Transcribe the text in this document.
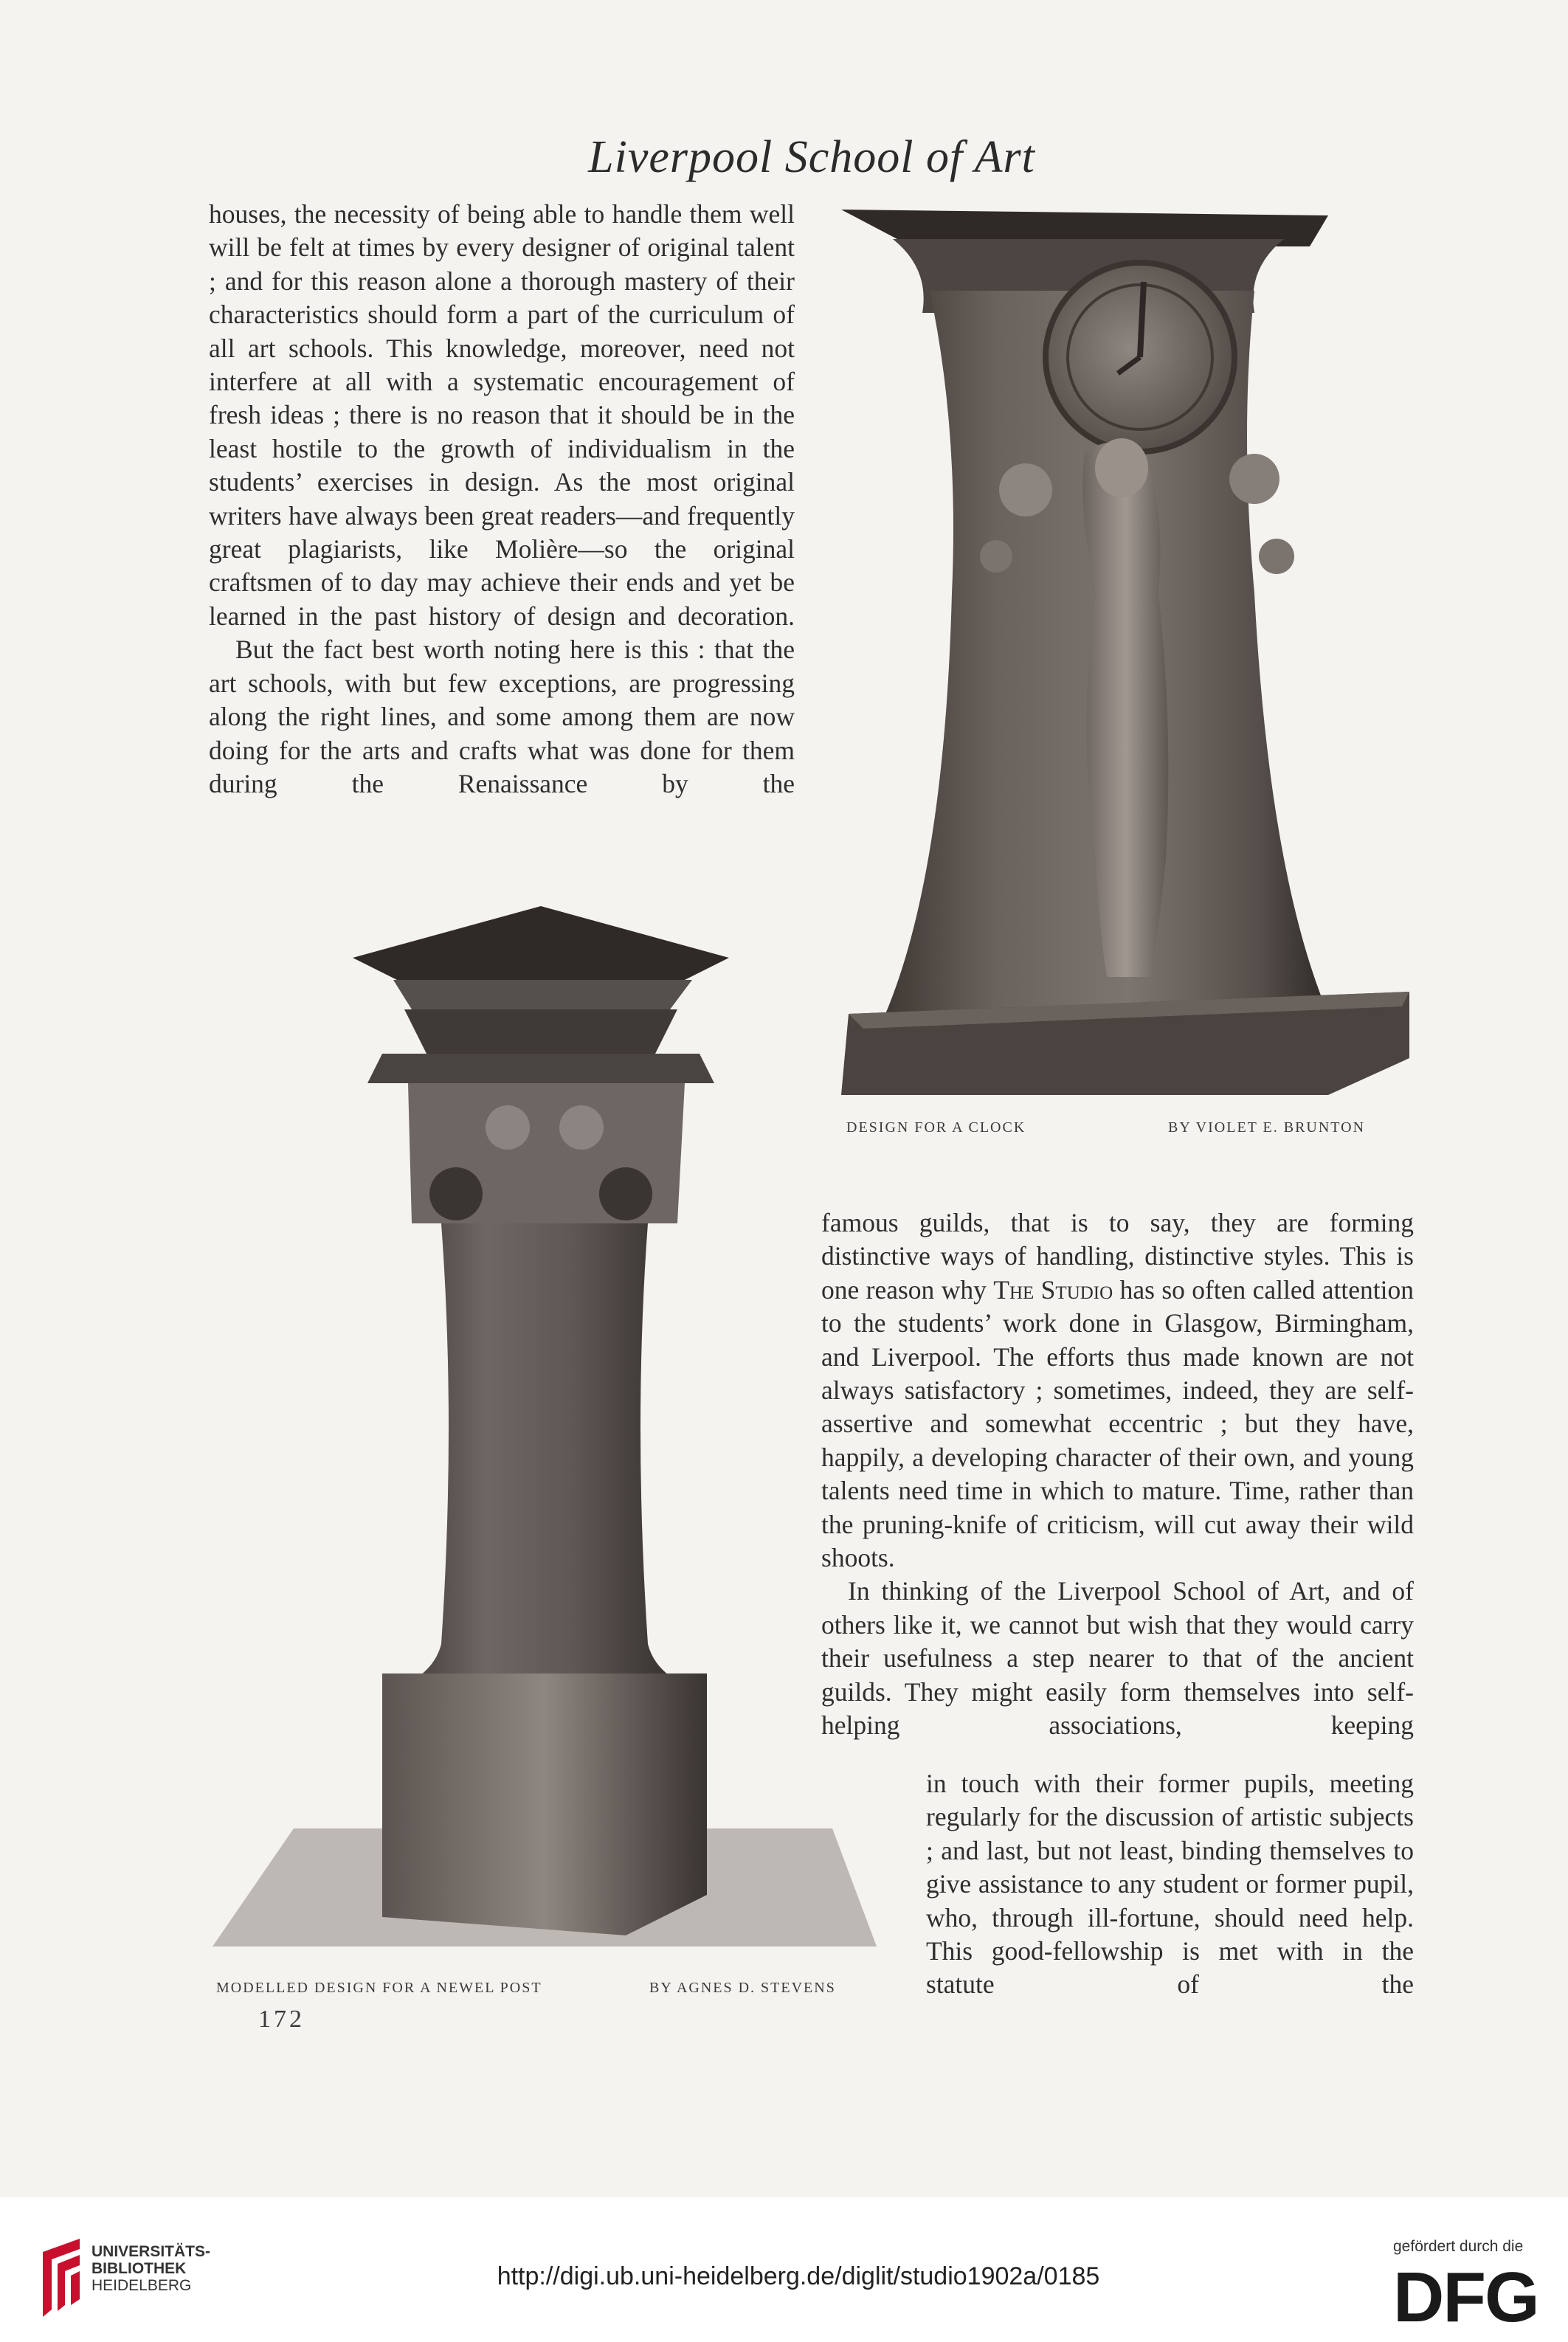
Liverpool School of Art

houses, the necessity of being able to handle them well will be felt at times by every designer of original talent ; and for this reason alone a thorough mastery of their characteristics should form a part of the curriculum of all art schools. This knowledge, moreover, need not interfere at all with a systematic encouragement of fresh ideas ; there is no reason that it should be in the least hostile to the growth of individualism in the students’ exercises in design. As the most original writers have always been great readers—and frequently great plagiarists, like Molière—so the original craftsmen of to day may achieve their ends and yet be learned in the past history of design and decoration.

But the fact best worth noting here is this : that the art schools, with but few exceptions, are progressing along the right lines, and some among them are now doing for the arts and crafts what was done for them during the Renaissance by the

DESIGN FOR A CLOCK	BY VIOLET E. BRUNTON

famous guilds, that is to say, they are forming distinctive ways of handling, distinctive styles. This is one reason why The Studio has so often called attention to the students’ work done in Glasgow, Birmingham, and Liverpool. The efforts thus made known are not always satisfactory ; sometimes, indeed, they are self-assertive and somewhat eccentric ; but they have, happily, a developing character of their own, and young talents need time in which to mature. Time, rather than the pruning-knife of criticism, will cut away their wild shoots.

In thinking of the Liverpool School of Art, and of others like it, we cannot but wish that they would carry their usefulness a step nearer to that of the ancient guilds. They might easily form themselves into self-helping associations, keeping

MODELLED DESIGN FOR A NEWEL POST	BY AGNES D. STEVENS

in touch with their former pupils, meeting regularly for the discussion of artistic subjects ; and last, but not least, binding themselves to give assistance to any student or former pupil, who, through ill-fortune, should need help. This good-fellowship is met with in the statute of the

172
UNIVERSITÄTS-
BIBLIOTHEK
HEIDELBERG	http://digi.ub.uni-heidelberg.de/diglit/studio1902a/0185
gefördert durch die
DFG
